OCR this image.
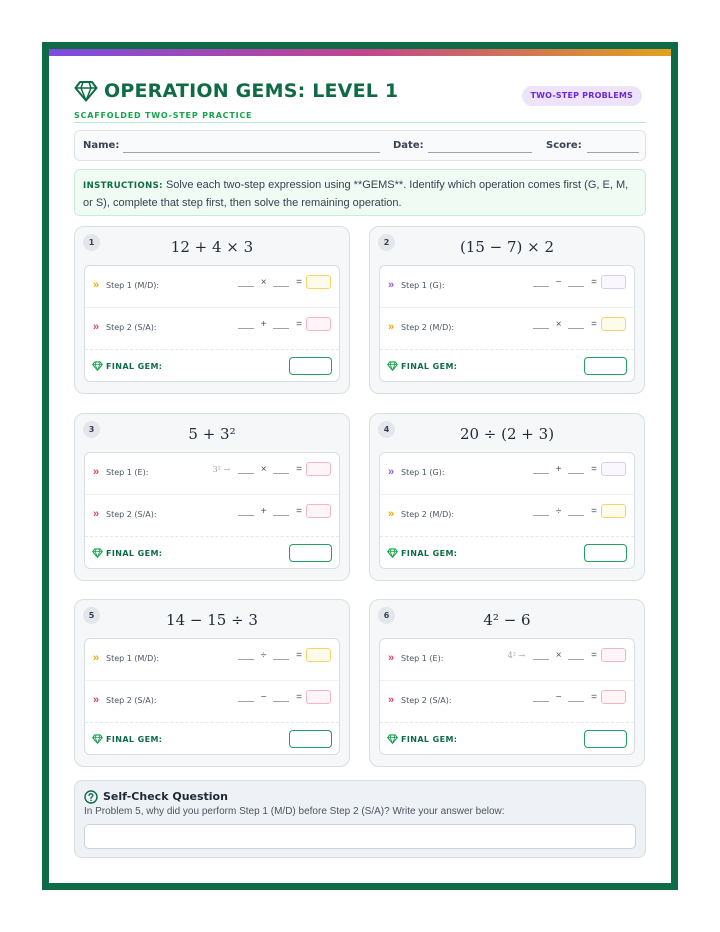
OPERATION GEMS: LEVEL 1
SCAFFOLDED TWO-STEP PRACTICE
TWO-STEP PROBLEMS
Name:	Date:	Score:
INSTRUCTIONS: Solve each two-step expression using **GEMS**. Identify which operation comes first (G, E, M, or S), complete that step first, then solve the remaining operation.
1	12 + 4 × 3
» Step 1 (M/D):	×	=
» Step 2 (S/A):	+	=
FINAL GEM:
2	(15 − 7) × 2
» Step 1 (G):	−	=
» Step 2 (M/D):	×	=
FINAL GEM:
3	5 + 3²
» Step 1 (E):	3² →	×	=
» Step 2 (S/A):	+	=
FINAL GEM:
4	20 ÷ (2 + 3)
» Step 1 (G):	+	=
» Step 2 (M/D):	÷	=
FINAL GEM:
5	14 − 15 ÷ 3
» Step 1 (M/D):	÷	=
» Step 2 (S/A):	−	=
FINAL GEM:
6	4² − 6
» Step 1 (E):	4² →	×	=
» Step 2 (S/A):	−	=
FINAL GEM:
Self-Check Question
In Problem 5, why did you perform Step 1 (M/D) before Step 2 (S/A)? Write your answer below:
